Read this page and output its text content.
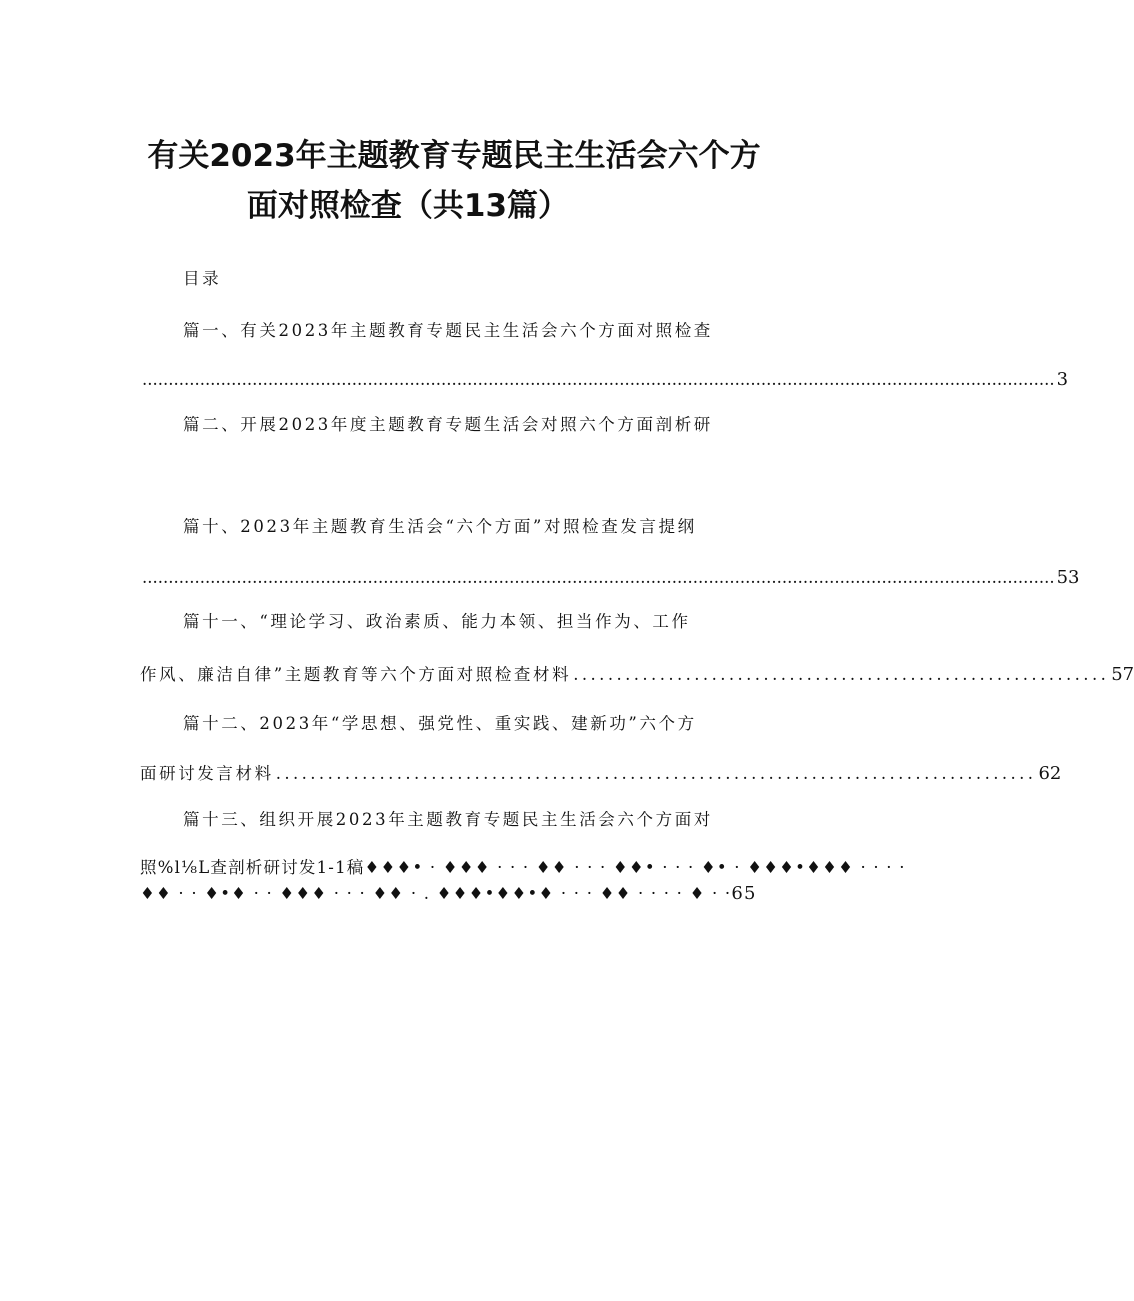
有关2023年主题教育专题民主生活会六个方
面对照检查（共13篇）
目录
篇一、有关2023年主题教育专题民主生活会六个方面对照检查
.............................................................................................................................................................................. 3
篇二、开展2023年度主题教育专题生活会对照六个方面剖析研
篇十、2023年主题教育生活会“六个方面”对照检查发言提纲
.............................................................................................................................................................................. 53
篇十一、“理论学习、政治素质、能力本领、担当作为、工作
作风、廉洁自律”主题教育等六个方面对照检查材料 .............................................................. 57
篇十二、2023年“学思想、强党性、重实践、建新功”六个方
面研讨发言材料 ........................................................................................ 62
篇十三、组织开展2023年主题教育专题民主生活会六个方面对
照%l⅛L查剖析研讨发1-1稿♦♦♦• · ♦♦♦ · · · ♦♦ · · · ♦♦• · · · ♦• · ♦♦♦•♦♦♦ · · · ·
♦♦ · · ♦•♦ · · ♦♦♦ · · · ♦♦ · . ♦♦♦•♦♦•♦ · · · ♦♦ · · · · ♦ · ·65
